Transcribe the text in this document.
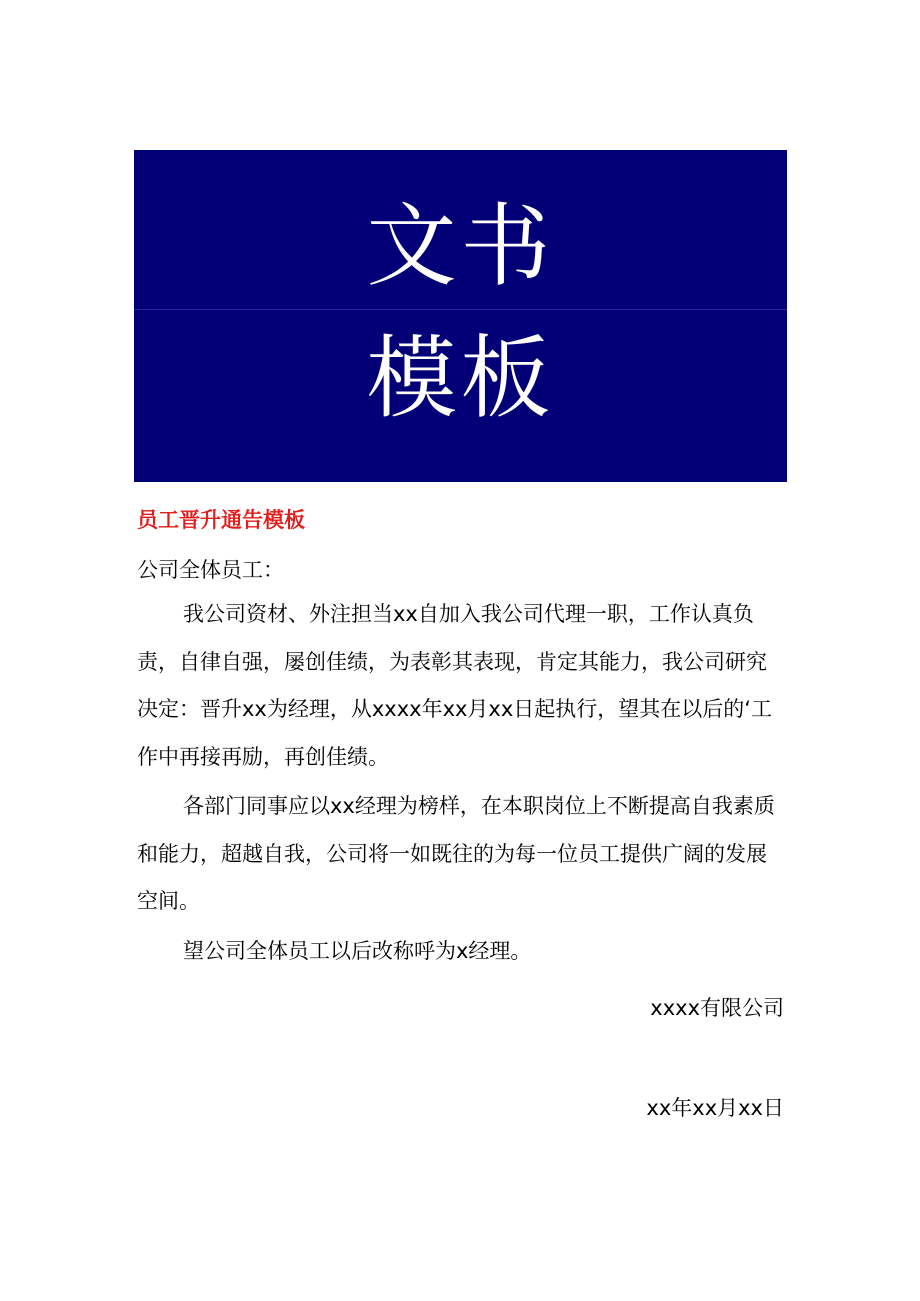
文书
模板
员工晋升通告模板
公司全体员工：

我公司资材、外注担当xx自加入我公司代理一职，工作认真负责，自律自强，屡创佳绩，为表彰其表现，肯定其能力，我公司研究决定：晋升xx为经理，从xxxx年xx月xx日起执行，望其在以后的‘工作中再接再励，再创佳绩。

各部门同事应以xx经理为榜样，在本职岗位上不断提高自我素质和能力，超越自我，公司将一如既往的为每一位员工提供广阔的发展空间。

望公司全体员工以后改称呼为x经理。

xxxx有限公司
xx年xx月xx日
